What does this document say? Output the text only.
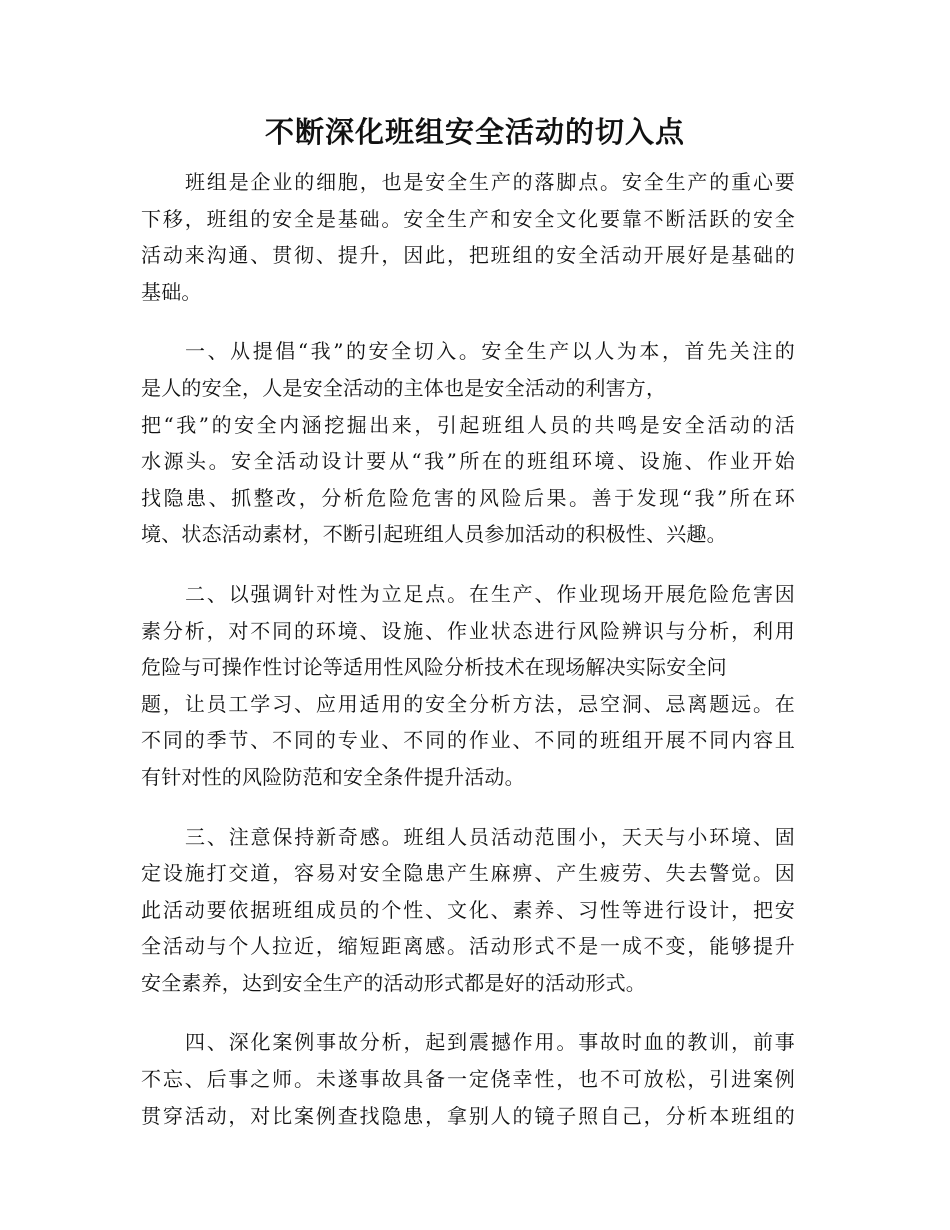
不断深化班组安全活动的切入点
班组是企业的细胞，也是安全生产的落脚点。安全生产的重心要
下移，班组的安全是基础。安全生产和安全文化要靠不断活跃的安全
活动来沟通、贯彻、提升，因此，把班组的安全活动开展好是基础的
基础。
一、从提倡“我”的安全切入。安全生产以人为本，首先关注的
是人的安全，人是安全活动的主体也是安全活动的利害方，
把“我”的安全内涵挖掘出来，引起班组人员的共鸣是安全活动的活
水源头。安全活动设计要从“我”所在的班组环境、设施、作业开始
找隐患、抓整改，分析危险危害的风险后果。善于发现“我”所在环
境、状态活动素材，不断引起班组人员参加活动的积极性、兴趣。
二、以强调针对性为立足点。在生产、作业现场开展危险危害因
素分析，对不同的环境、设施、作业状态进行风险辨识与分析，利用
危险与可操作性讨论等适用性风险分析技术在现场解决实际安全问
题，让员工学习、应用适用的安全分析方法，忌空洞、忌离题远。在
不同的季节、不同的专业、不同的作业、不同的班组开展不同内容且
有针对性的风险防范和安全条件提升活动。
三、注意保持新奇感。班组人员活动范围小，天天与小环境、固
定设施打交道，容易对安全隐患产生麻痹、产生疲劳、失去警觉。因
此活动要依据班组成员的个性、文化、素养、习性等进行设计，把安
全活动与个人拉近，缩短距离感。活动形式不是一成不变，能够提升
安全素养，达到安全生产的活动形式都是好的活动形式。
四、深化案例事故分析，起到震撼作用。事故时血的教训，前事
不忘、后事之师。未遂事故具备一定侥幸性，也不可放松，引进案例
贯穿活动，对比案例查找隐患，拿别人的镜子照自己，分析本班组的
